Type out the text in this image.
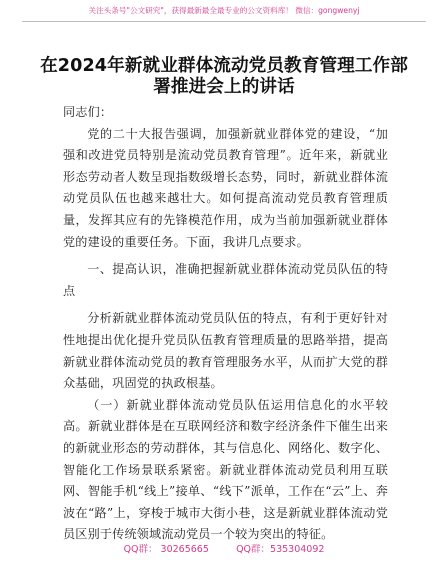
关注头条号"公文研究"，获得最新最全最专业的公文资料库！ 微信：gongwenyj
在2024年新就业群体流动党员教育管理工作部
署推进会上的讲话

同志们：

党的二十大报告强调，加强新就业群体党的建设，“加强和改进党员特别是流动党员教育管理”。近年来，新就业形态劳动者人数呈现指数级增长态势，同时，新就业群体流动党员队伍也越来越壮大。如何提高流动党员教育管理质量，发挥其应有的先锋模范作用，成为当前加强新就业群体党的建设的重要任务。下面，我讲几点要求。

一、提高认识，准确把握新就业群体流动党员队伍的特点

分析新就业群体流动党员队伍的特点，有利于更好针对性地提出优化提升党员队伍教育管理质量的思路举措，提高新就业群体流动党员的教育管理服务水平，从而扩大党的群众基础，巩固党的执政根基。

（一）新就业群体流动党员队伍运用信息化的水平较高。新就业群体是在互联网经济和数字经济条件下催生出来的新就业形态的劳动群体，其与信息化、网络化、数字化、智能化工作场景联系紧密。新就业群体流动党员利用互联网、智能手机“线上”接单、“线下”派单，工作在“云”上、奔波在“路”上，穿梭于城市大街小巷，这是新就业群体流动党员区别于传统领域流动党员一个较为突出的特征。

QQ群： 30265665         QQ群：535304092
